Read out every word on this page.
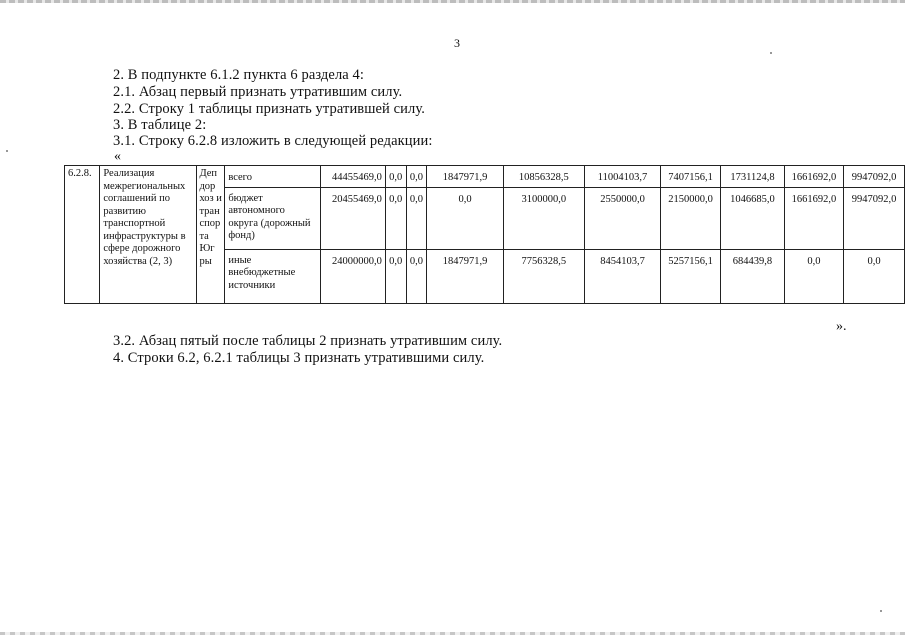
3
2. В подпункте 6.1.2 пункта 6 раздела 4:
2.1. Абзац первый признать утратившим силу.
2.2. Строку 1 таблицы признать утратившей силу.
3. В таблице 2:
3.1. Строку 6.2.8 изложить в следующей редакции:
«
6.2.8.	Реализация межрегиональных соглашений по развитию транспортной инфраструктуры в сфере дорожного хозяйства (2, 3)	Деп дор хоз и тран спор та Юг ры	всего	44455469,0	0,0	0,0	1847971,9	10856328,5	11004103,7	7407156,1	1731124,8	1661692,0	9947092,0
			бюджет автономного округа (дорожный фонд)	20455469,0	0,0	0,0	0,0	3100000,0	2550000,0	2150000,0	1046685,0	1661692,0	9947092,0
			иные внебюджетные источники	24000000,0	0,0	0,0	1847971,9	7756328,5	8454103,7	5257156,1	684439,8	0,0	0,0
».
3.2. Абзац пятый после таблицы 2 признать утратившим силу.
4. Строки 6.2, 6.2.1 таблицы 3 признать утратившими силу.
